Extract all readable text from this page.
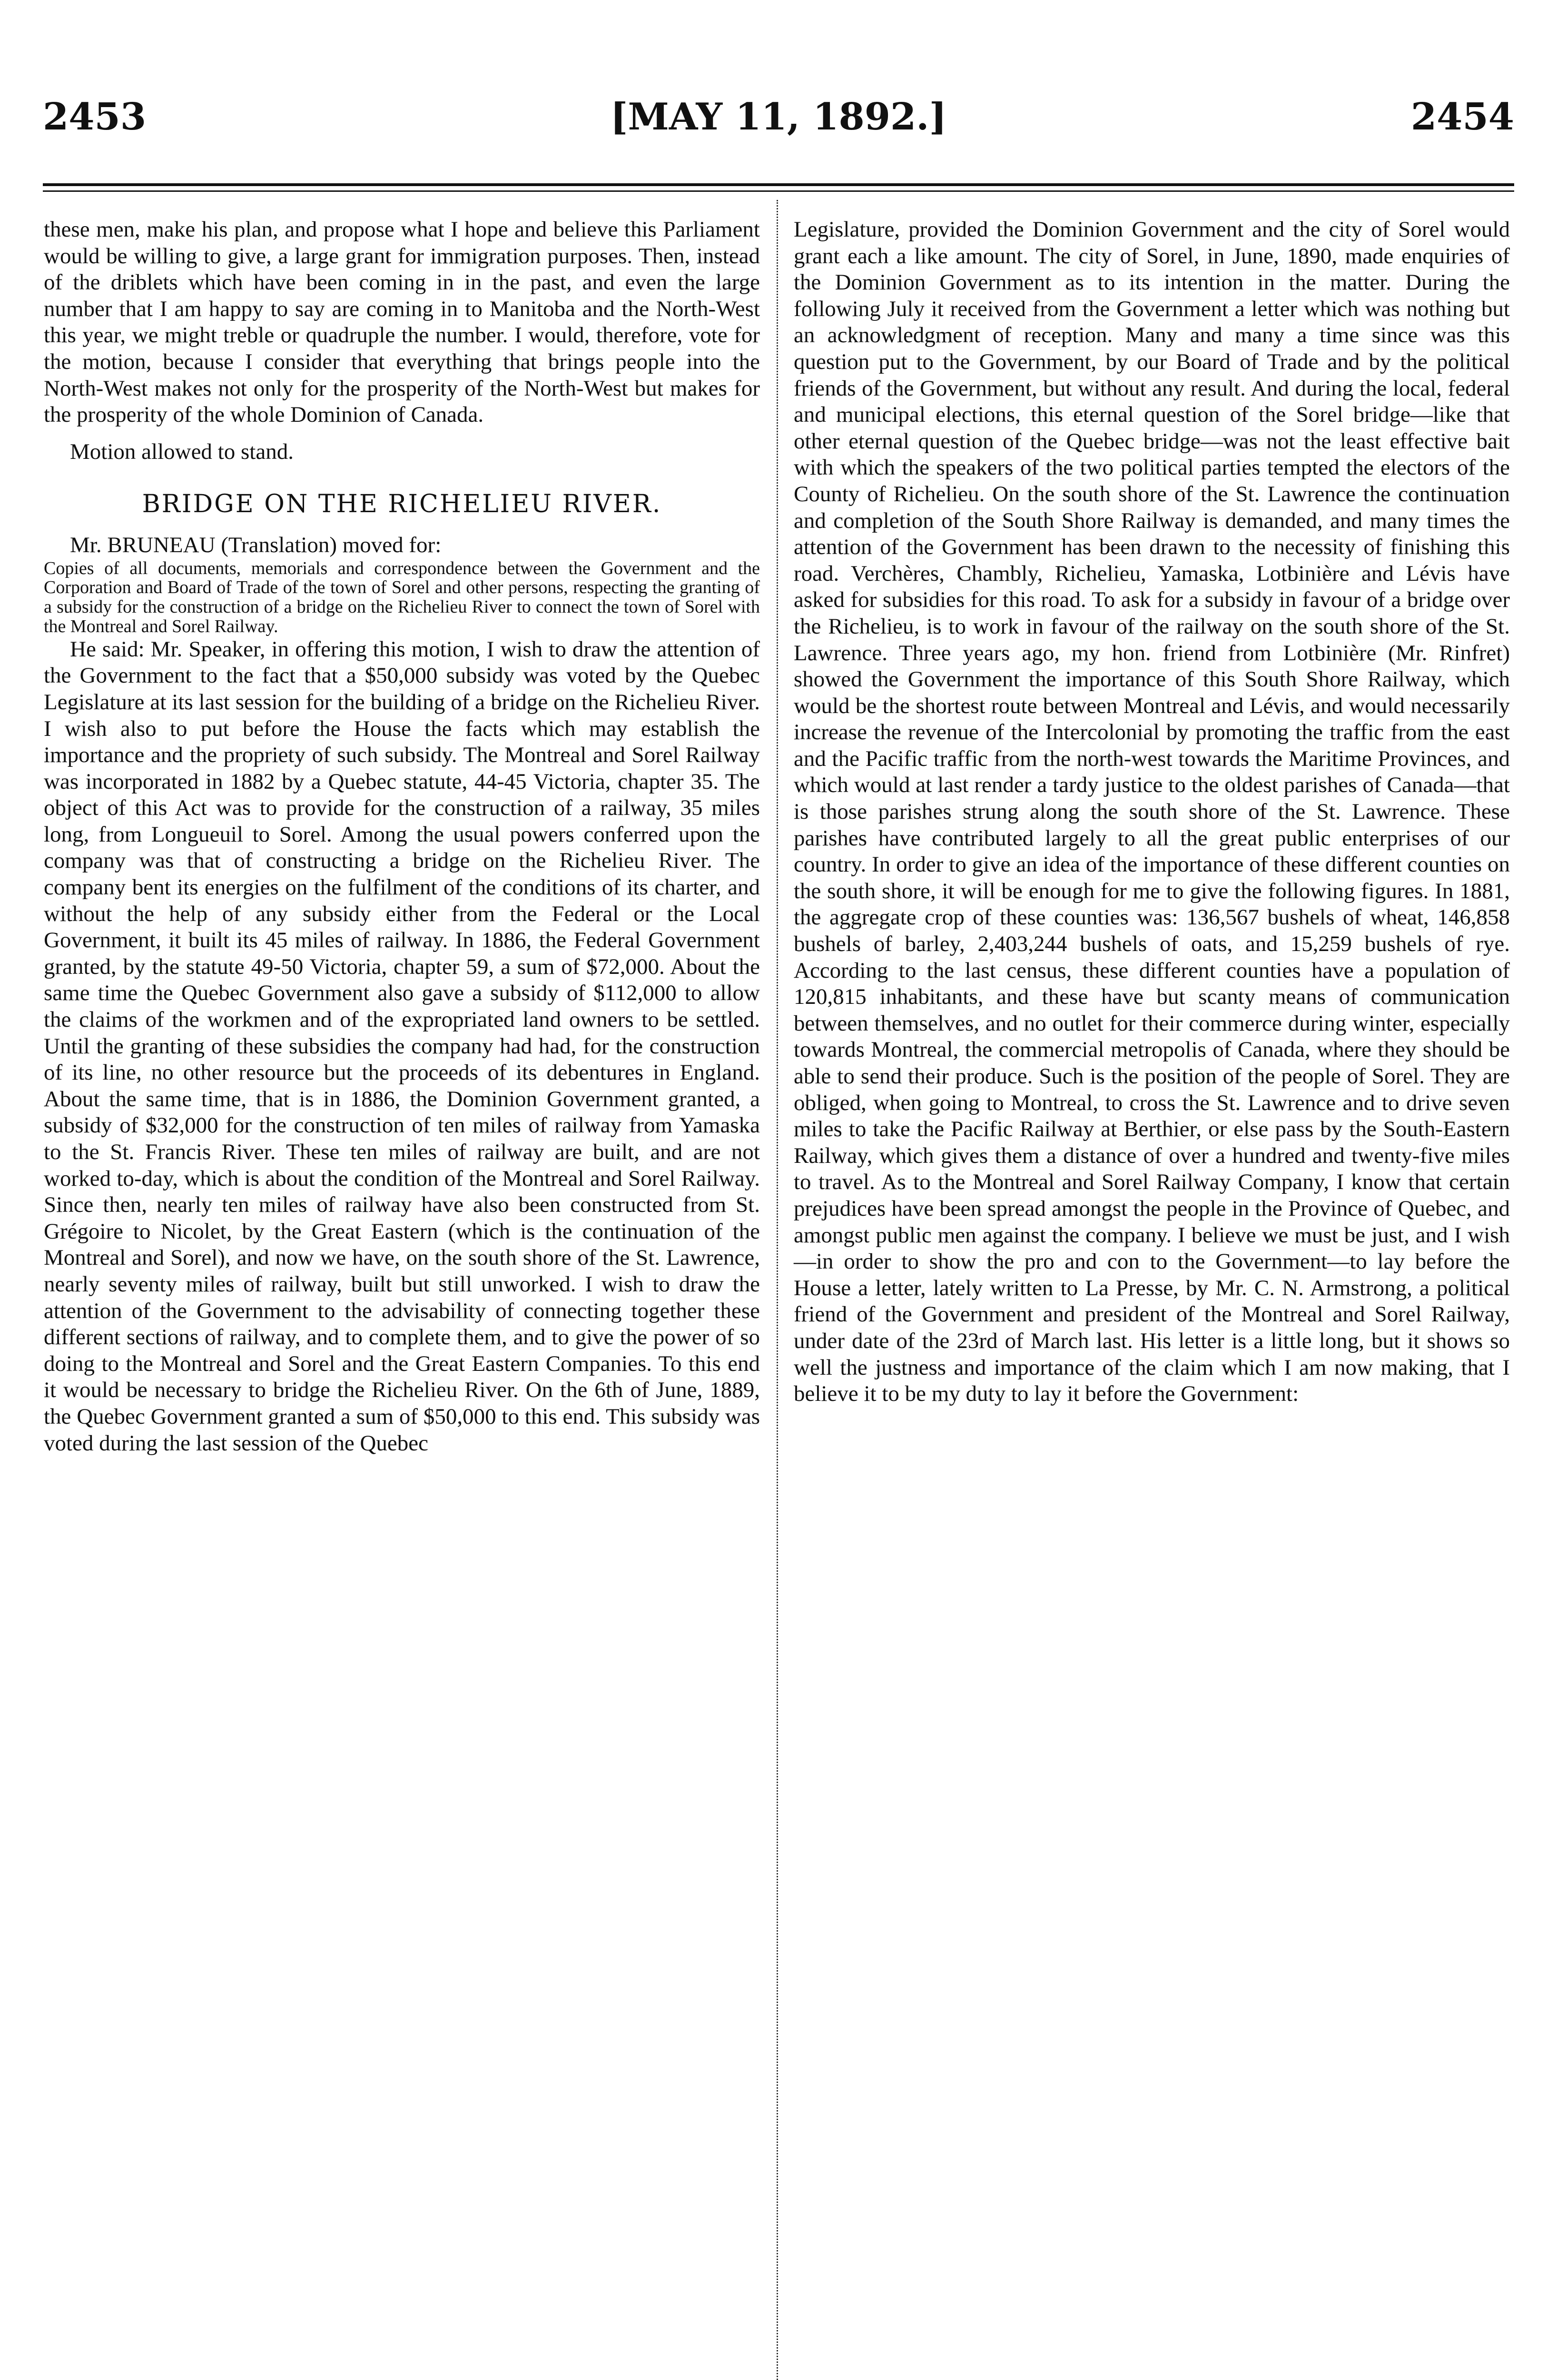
2453	[MAY 11, 1892.]	2454

these men, make his plan, and propose what I hope and believe this Parliament would be willing to give, a large grant for immigration purposes. Then, instead of the driblets which have been coming in in the past, and even the large number that I am happy to say are coming in to Manitoba and the North-West this year, we might treble or quadruple the number. I would, therefore, vote for the motion, because I consider that everything that brings people into the North-West makes not only for the prosperity of the North-West but makes for the prosperity of the whole Dominion of Canada.

Motion allowed to stand.

BRIDGE ON THE RICHELIEU RIVER.

Mr. BRUNEAU (Translation) moved for:

Copies of all documents, memorials and correspondence between the Government and the Corporation and Board of Trade of the town of Sorel and other persons, respecting the granting of a subsidy for the construction of a bridge on the Richelieu River to connect the town of Sorel with the Montreal and Sorel Railway.

He said: Mr. Speaker, in offering this motion, I wish to draw the attention of the Government to the fact that a $50,000 subsidy was voted by the Quebec Legislature at its last session for the building of a bridge on the Richelieu River. I wish also to put before the House the facts which may establish the importance and the propriety of such subsidy. The Montreal and Sorel Railway was incorporated in 1882 by a Quebec statute, 44-45 Victoria, chapter 35. The object of this Act was to provide for the construction of a railway, 35 miles long, from Longueuil to Sorel. Among the usual powers conferred upon the company was that of constructing a bridge on the Richelieu River. The company bent its energies on the fulfilment of the conditions of its charter, and without the help of any subsidy either from the Federal or the Local Government, it built its 45 miles of railway. In 1886, the Federal Government granted, by the statute 49-50 Victoria, chapter 59, a sum of $72,000. About the same time the Quebec Government also gave a subsidy of $112,000 to allow the claims of the workmen and of the expropriated land owners to be settled. Until the granting of these subsidies the company had had, for the construction of its line, no other resource but the proceeds of its debentures in England. About the same time, that is in 1886, the Dominion Government granted, a subsidy of $32,000 for the construction of ten miles of railway from Yamaska to the St. Francis River. These ten miles of railway are built, and are not worked to-day, which is about the condition of the Montreal and Sorel Railway. Since then, nearly ten miles of railway have also been constructed from St. Grégoire to Nicolet, by the Great Eastern (which is the continuation of the Montreal and Sorel), and now we have, on the south shore of the St. Lawrence, nearly seventy miles of railway, built but still unworked. I wish to draw the attention of the Government to the advisability of connecting together these different sections of railway, and to complete them, and to give the power of so doing to the Montreal and Sorel and the Great Eastern Companies. To this end it would be necessary to bridge the Richelieu River. On the 6th of June, 1889, the Quebec Government granted a sum of $50,000 to this end. This subsidy was voted during the last session of the Quebec

Legislature, provided the Dominion Government and the city of Sorel would grant each a like amount. The city of Sorel, in June, 1890, made enquiries of the Dominion Government as to its intention in the matter. During the following July it received from the Government a letter which was nothing but an acknowledgment of reception. Many and many a time since was this question put to the Government, by our Board of Trade and by the political friends of the Government, but without any result. And during the local, federal and municipal elections, this eternal question of the Sorel bridge—like that other eternal question of the Quebec bridge—was not the least effective bait with which the speakers of the two political parties tempted the electors of the County of Richelieu. On the south shore of the St. Lawrence the continuation and completion of the South Shore Railway is demanded, and many times the attention of the Government has been drawn to the necessity of finishing this road. Verchères, Chambly, Richelieu, Yamaska, Lotbinière and Lévis have asked for subsidies for this road. To ask for a subsidy in favour of a bridge over the Richelieu, is to work in favour of the railway on the south shore of the St. Lawrence. Three years ago, my hon. friend from Lotbinière (Mr. Rinfret) showed the Government the importance of this South Shore Railway, which would be the shortest route between Montreal and Lévis, and would necessarily increase the revenue of the Intercolonial by promoting the traffic from the east and the Pacific traffic from the north-west towards the Maritime Provinces, and which would at last render a tardy justice to the oldest parishes of Canada—that is those parishes strung along the south shore of the St. Lawrence. These parishes have contributed largely to all the great public enterprises of our country. In order to give an idea of the importance of these different counties on the south shore, it will be enough for me to give the following figures. In 1881, the aggregate crop of these counties was: 136,567 bushels of wheat, 146,858 bushels of barley, 2,403,244 bushels of oats, and 15,259 bushels of rye. According to the last census, these different counties have a population of 120,815 inhabitants, and these have but scanty means of communication between themselves, and no outlet for their commerce during winter, especially towards Montreal, the commercial metropolis of Canada, where they should be able to send their produce. Such is the position of the people of Sorel. They are obliged, when going to Montreal, to cross the St. Lawrence and to drive seven miles to take the Pacific Railway at Berthier, or else pass by the South-Eastern Railway, which gives them a distance of over a hundred and twenty-five miles to travel. As to the Montreal and Sorel Railway Company, I know that certain prejudices have been spread amongst the people in the Province of Quebec, and amongst public men against the company. I believe we must be just, and I wish—in order to show the pro and con to the Government—to lay before the House a letter, lately written to La Presse, by Mr. C. N. Armstrong, a political friend of the Government and president of the Montreal and Sorel Railway, under date of the 23rd of March last. His letter is a little long, but it shows so well the justness and importance of the claim which I am now making, that I believe it to be my duty to lay it before the Government:
